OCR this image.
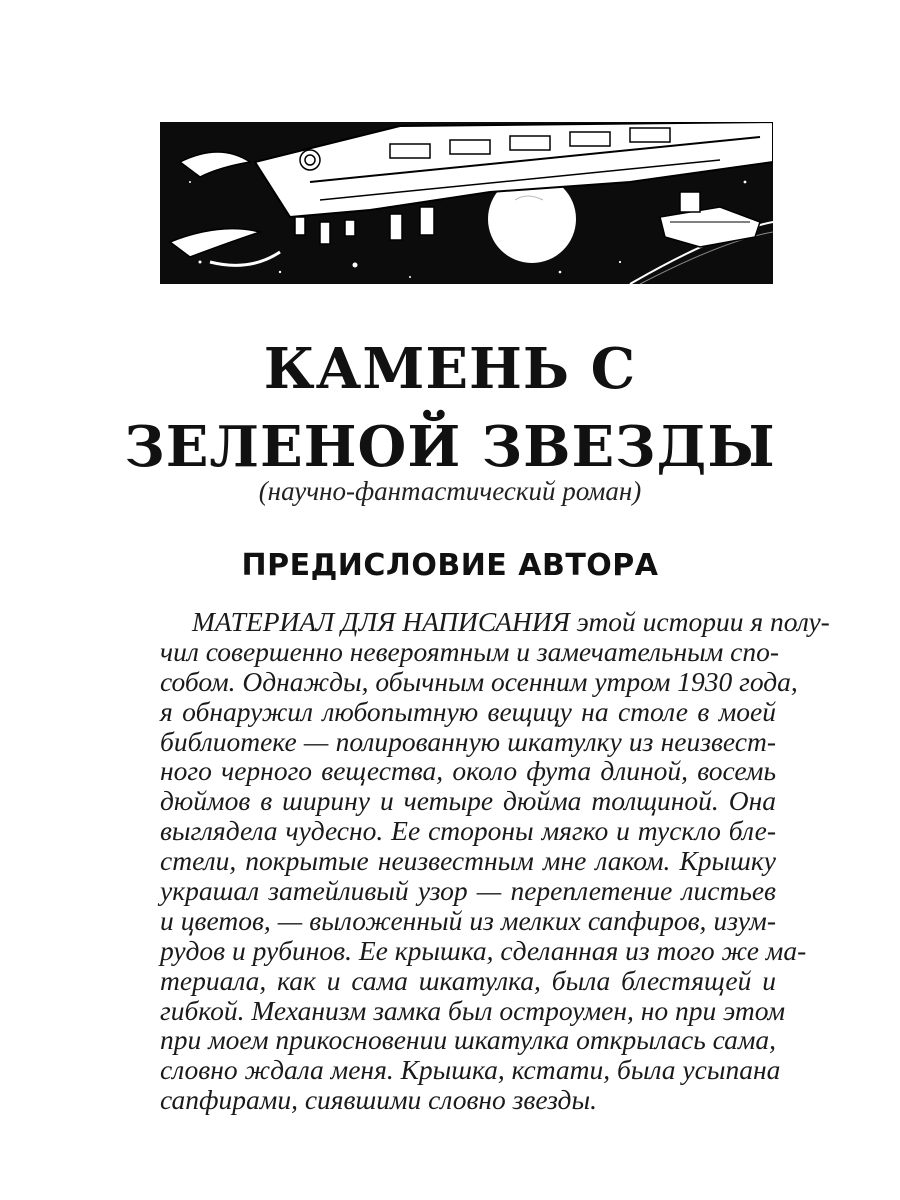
КАМЕНЬ С
ЗЕЛЕНОЙ ЗВЕЗДЫ
(научно-фантастический роман)
ПРЕДИСЛОВИЕ АВТОРА
МАТЕРИАЛ ДЛЯ НАПИСАНИЯ этой истории я полу-
чил совершенно невероятным и замечательным спо-
собом. Однажды, обычным осенним утром 1930 года,
я обнаружил любопытную вещицу на столе в моей
библиотеке — полированную шкатулку из неизвест-
ного черного вещества, около фута длиной, восемь
дюймов в ширину и четыре дюйма толщиной. Она
выглядела чудесно. Ее стороны мягко и тускло бле-
стели, покрытые неизвестным мне лаком. Крышку
украшал затейливый узор — переплетение листьев
и цветов, — выложенный из мелких сапфиров, изум-
рудов и рубинов. Ее крышка, сделанная из того же ма-
териала, как и сама шкатулка, была блестящей и
гибкой. Механизм замка был остроумен, но при этом
при моем прикосновении шкатулка открылась сама,
словно ждала меня. Крышка, кстати, была усыпана
сапфирами, сиявшими словно звезды.
